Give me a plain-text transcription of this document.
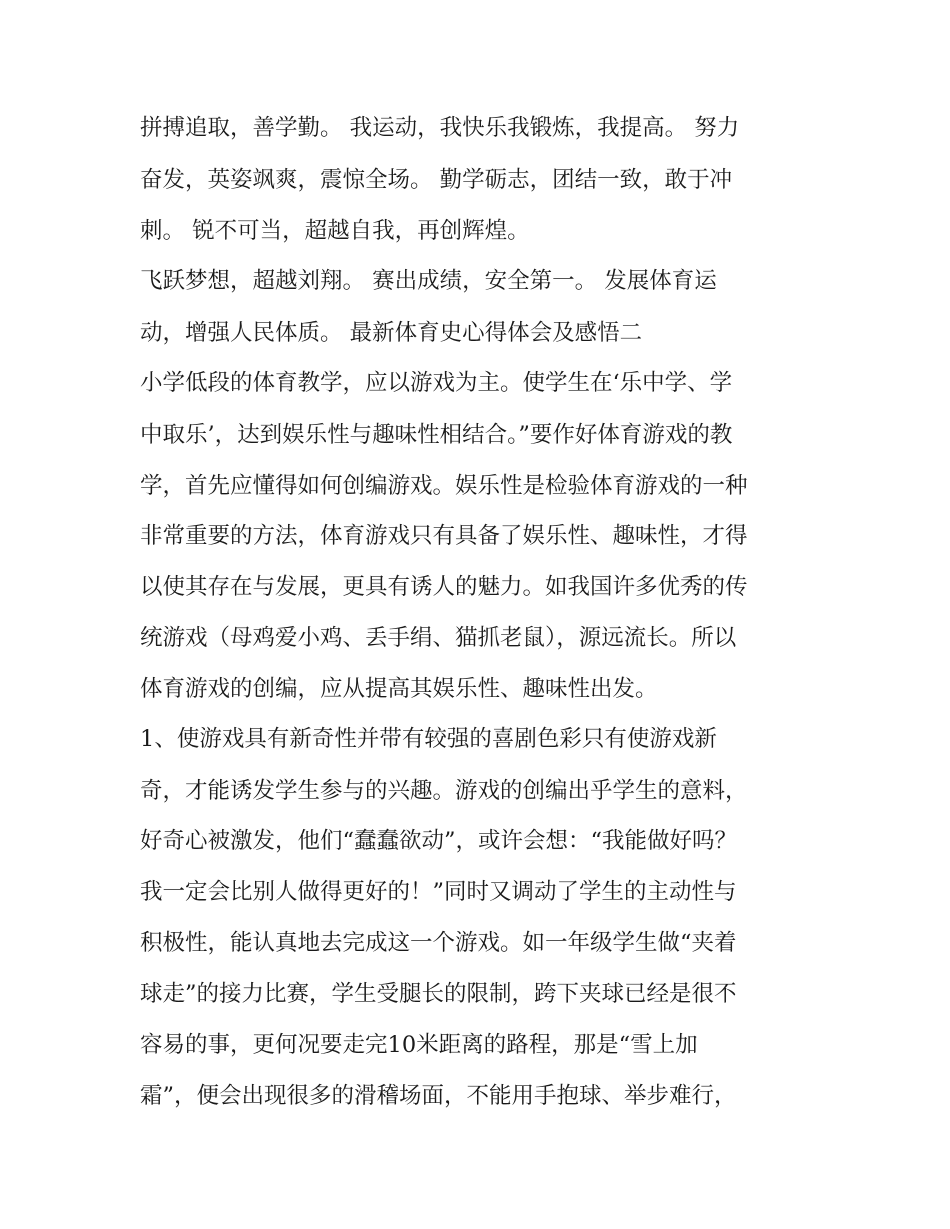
拼搏追取，善学勤。 我运动，我快乐我锻炼，我提高。 努力
奋发，英姿飒爽，震惊全场。 勤学砺志，团结一致，敢于冲
刺。 锐不可当，超越自我，再创辉煌。
飞跃梦想，超越刘翔。 赛出成绩，安全第一。 发展体育运
动，增强人民体质。 最新体育史心得体会及感悟二
小学低段的体育教学，应以游戏为主。使学生在‘乐中学、学
中取乐’，达到娱乐性与趣味性相结合。”要作好体育游戏的教
学，首先应懂得如何创编游戏。娱乐性是检验体育游戏的一种
非常重要的方法，体育游戏只有具备了娱乐性、趣味性，才得
以使其存在与发展，更具有诱人的魅力。如我国许多优秀的传
统游戏（母鸡爱小鸡、丢手绢、猫抓老鼠），源远流长。所以
体育游戏的创编，应从提高其娱乐性、趣味性出发。
1、使游戏具有新奇性并带有较强的喜剧色彩只有使游戏新
奇，才能诱发学生参与的兴趣。游戏的创编出乎学生的意料，
好奇心被激发，他们“蠢蠢欲动”，或许会想：“我能做好吗？
我一定会比别人做得更好的！”同时又调动了学生的主动性与
积极性，能认真地去完成这一个游戏。如一年级学生做“夹着
球走”的接力比赛，学生受腿长的限制，跨下夹球已经是很不
容易的事，更何况要走完10米距离的路程，那是“雪上加
霜”，便会出现很多的滑稽场面，不能用手抱球、举步难行，
